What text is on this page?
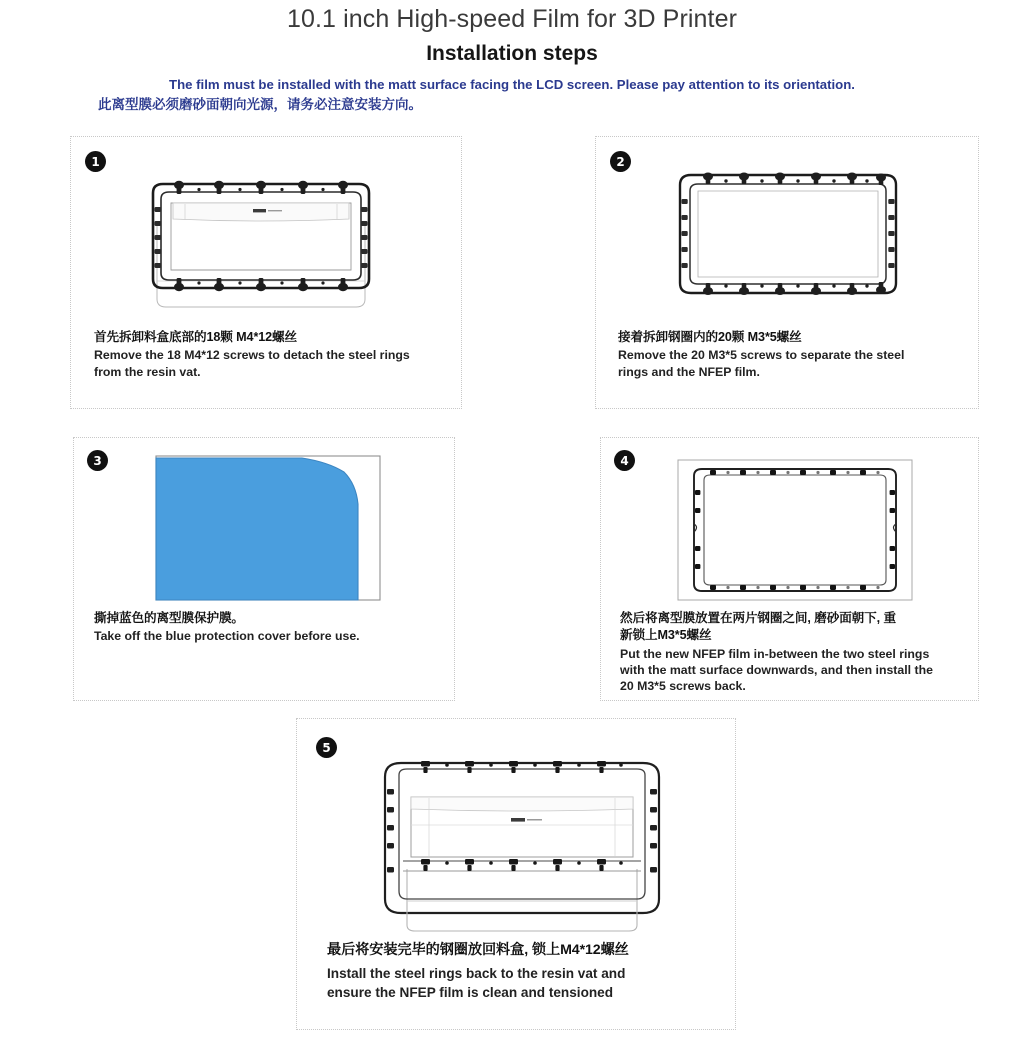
10.1 inch High-speed Film for 3D Printer
Installation steps
The film must be installed with the matt surface facing the LCD screen. Please pay attention to its orientation.
此离型膜必须磨砂面朝向光源，请务必注意安装方向。
1
首先拆卸料盒底部的18颗 M4*12螺丝
Remove the 18 M4*12 screws to detach the steel rings
from the resin vat.
2
接着拆卸钢圈内的20颗 M3*5螺丝
Remove the 20 M3*5 screws to separate the steel
rings and the NFEP film.
3
撕掉蓝色的离型膜保护膜。
Take off the blue protection cover before use.
4
然后将离型膜放置在两片钢圈之间, 磨砂面朝下, 重
新锁上M3*5螺丝
Put the new NFEP film in-between the two steel rings
with the matt surface downwards, and then install the
20 M3*5 screws back.
5
最后将安装完毕的钢圈放回料盒, 锁上M4*12螺丝
Install the steel rings back to the resin vat and
ensure the NFEP film is clean and tensioned
